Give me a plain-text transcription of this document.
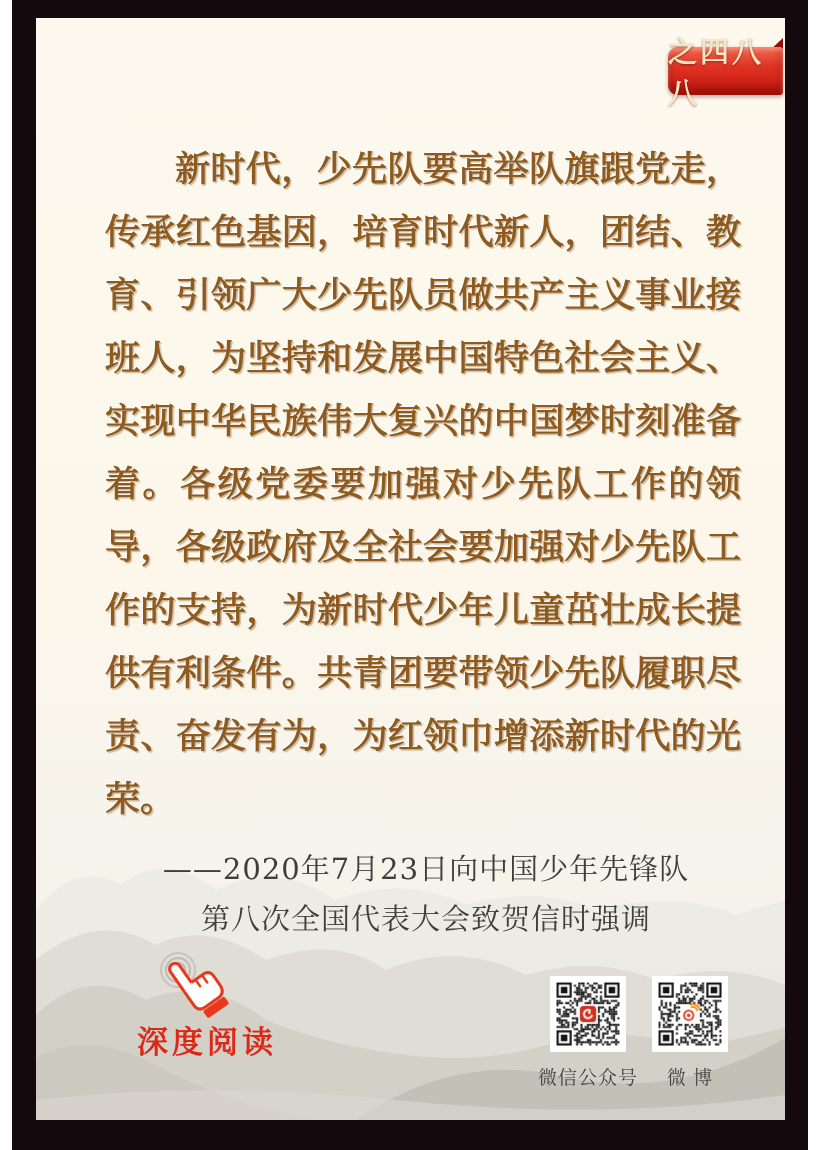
之四八八
新时代，少先队要高举队旗跟党走，
传承红色基因，培育时代新人，团结、教
育、引领广大少先队员做共产主义事业接
班人，为坚持和发展中国特色社会主义、
实现中华民族伟大复兴的中国梦时刻准备
着。各级党委要加强对少先队工作的领
导，各级政府及全社会要加强对少先队工
作的支持，为新时代少年儿童茁壮成长提
供有利条件。共青团要带领少先队履职尽
责、奋发有为，为红领巾增添新时代的光
荣。
——2020年7月23日向中国少年先锋队
第八次全国代表大会致贺信时强调
深度阅读
微信公众号 微 博
